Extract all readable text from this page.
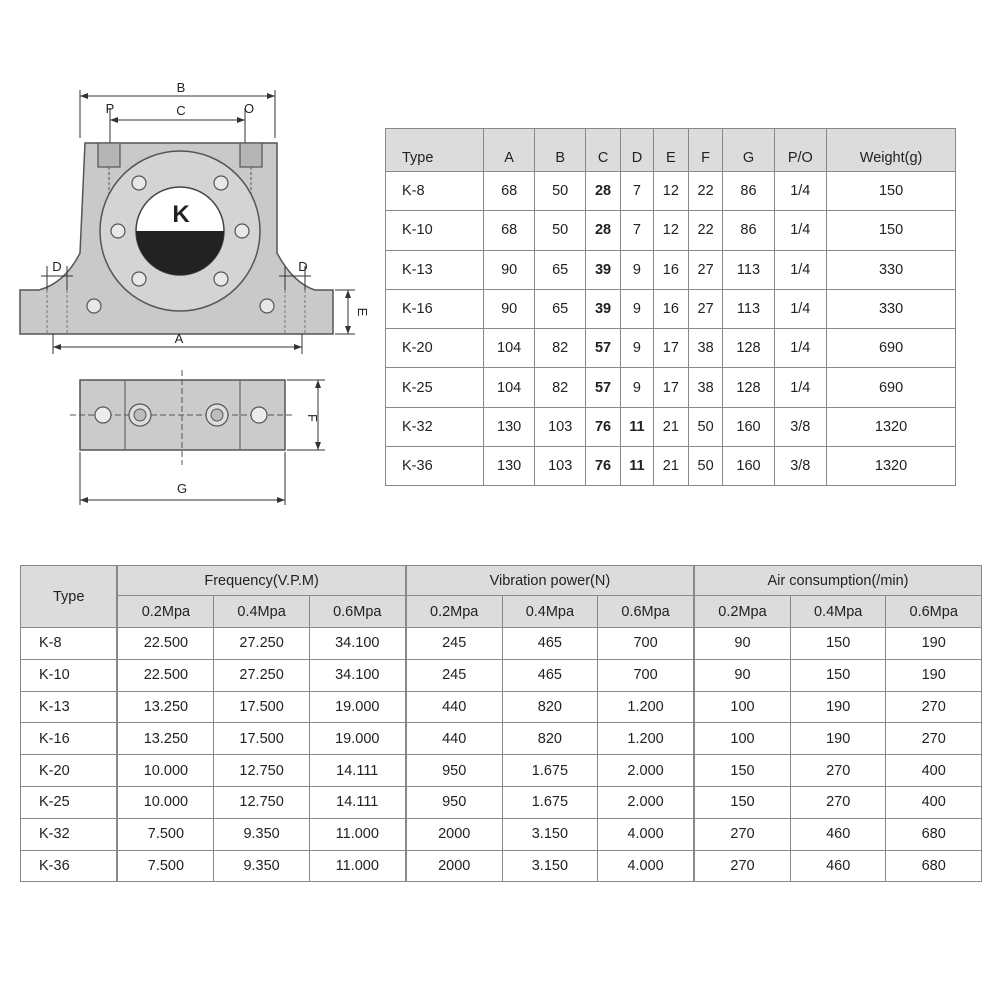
B
C
P	O
K
D	D
E
A
F
G
Type	A	B	C	D	E	F	G	P/O	Weight(g)
K-8	68	50	28	7	12	22	86	1/4	150
K-10	68	50	28	7	12	22	86	1/4	150
K-13	90	65	39	9	16	27	113	1/4	330
K-16	90	65	39	9	16	27	113	1/4	330
K-20	104	82	57	9	17	38	128	1/4	690
K-25	104	82	57	9	17	38	128	1/4	690
K-32	130	103	76	11	21	50	160	3/8	1320
K-36	130	103	76	11	21	50	160	3/8	1320
Type	Frequency(V.P.M)			Vibration power(N)			Air consumption(/min)		
	0.2Mpa	0.4Mpa	0.6Mpa	0.2Mpa	0.4Mpa	0.6Mpa	0.2Mpa	0.4Mpa	0.6Mpa
K-8	22.500	27.250	34.100	245	465	700	90	150	190
K-10	22.500	27.250	34.100	245	465	700	90	150	190
K-13	13.250	17.500	19.000	440	820	1.200	100	190	270
K-16	13.250	17.500	19.000	440	820	1.200	100	190	270
K-20	10.000	12.750	14.111	950	1.675	2.000	150	270	400
K-25	10.000	12.750	14.111	950	1.675	2.000	150	270	400
K-32	7.500	9.350	11.000	2000	3.150	4.000	270	460	680
K-36	7.500	9.350	11.000	2000	3.150	4.000	270	460	680
